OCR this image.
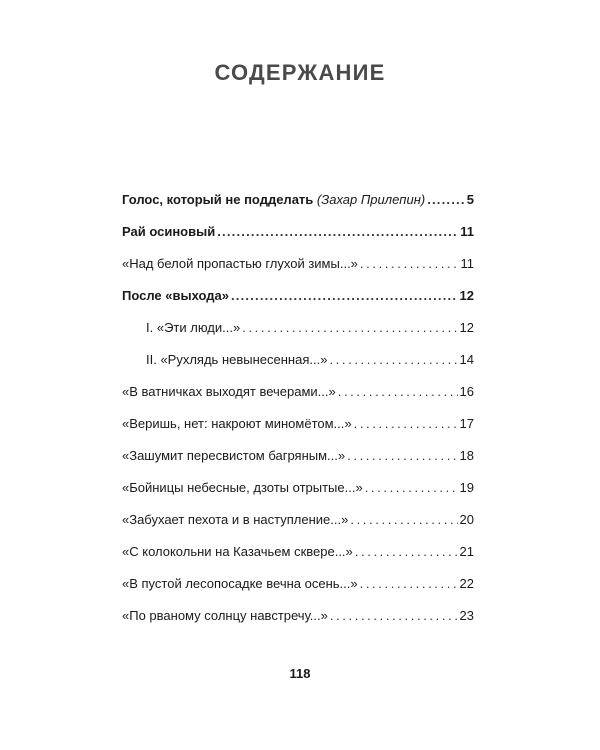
СОДЕРЖАНИЕ
Голос, который не подделать (Захар Прилепин) .....	5
Рай осиновый .....	11
«Над белой пропастью глухой зимы...» . . .	11
После «выхода» .....	12
I. «Эти люди...» . . .	12
II. «Рухлядь невынесенная...» . . .	14
«В ватничках выходят вечерами...» . . .	16
«Веришь, нет: накроют миномётом...» . . .	17
«Зашумит пересвистом багряным...» . . .	18
«Бойницы небесные, дзоты отрытые...» . . .	19
«Забухает пехота и в наступление...» . . .	20
«С колокольни на Казачьем сквере...» . . .	21
«В пустой лесопосадке вечна осень...» . . .	22
«По рваному солнцу навстречу...» . . .	23
118
